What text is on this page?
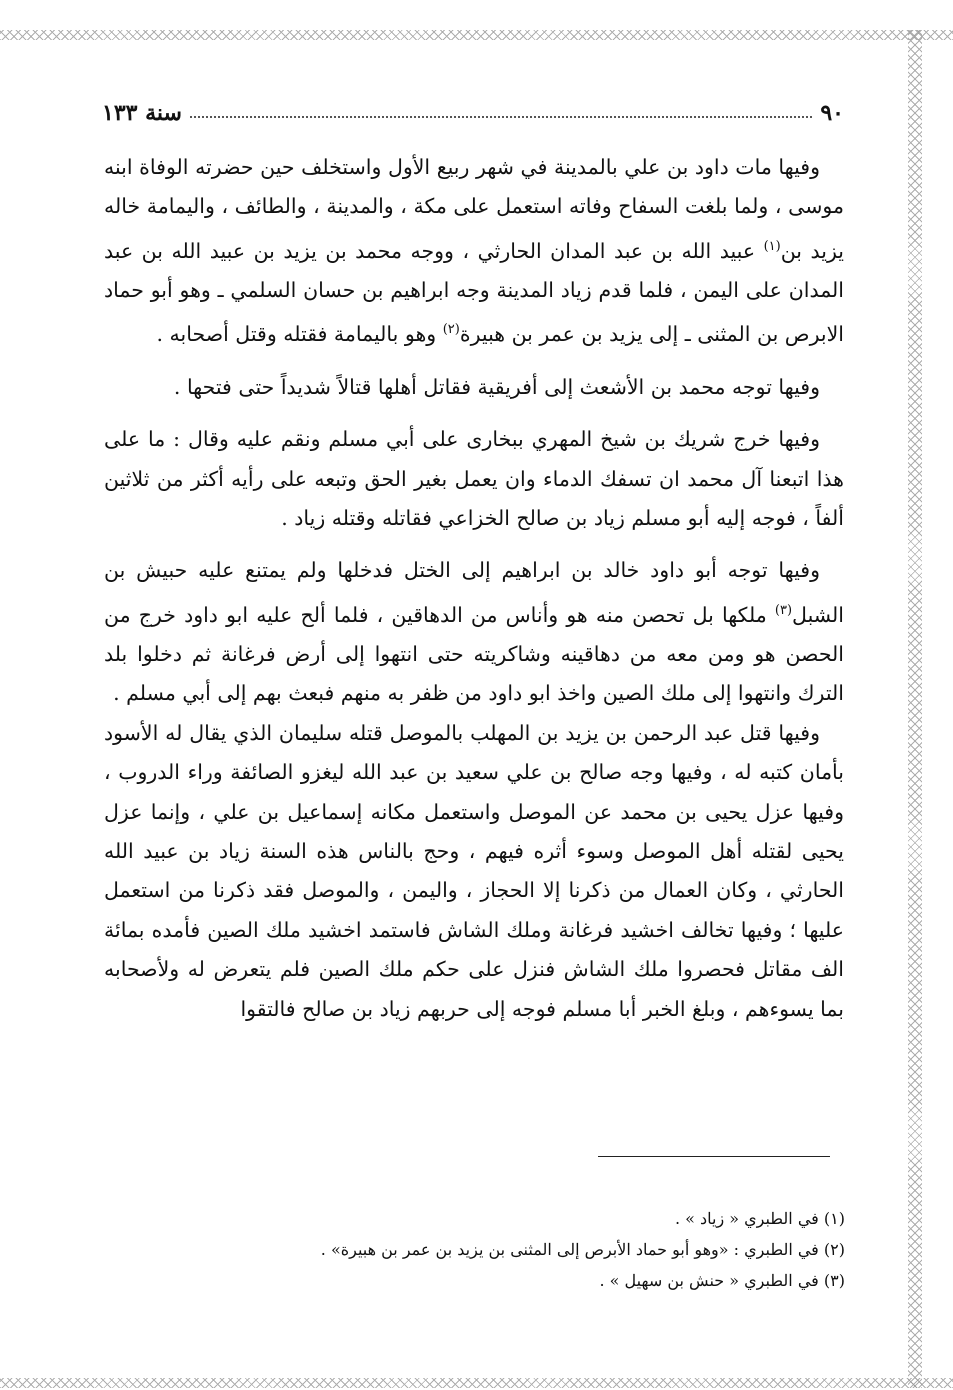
٩٠
سنة ١٣٣

وفيها مات داود بن علي بالمدينة في شهر ربيع الأول واستخلف حين حضرته الوفاة ابنه موسى ، ولما بلغت السفاح وفاته استعمل على مكة ، والمدينة ، والطائف ، واليمامة خاله يزيد بن$^{(١)}$ عبيد الله بن عبد المدان الحارثي ، ووجه محمد بن يزيد بن عبيد الله بن عبد المدان على اليمن ، فلما قدم زياد المدينة وجه ابراهيم بن حسان السلمي ـ وهو أبو حماد الابرص بن المثنى ـ إلى يزيد بن عمر بن هبيرة$^{(٢)}$ وهو باليمامة فقتله وقتل أصحابه .

وفيها توجه محمد بن الأشعث إلى أفريقية فقاتل أهلها قتالاً شديداً حتى فتحها .

وفيها خرج شريك بن شيخ المهري ببخارى على أبي مسلم ونقم عليه وقال : ما على هذا اتبعنا آل محمد ان تسفك الدماء وان يعمل بغير الحق وتبعه على رأيه أكثر من ثلاثين ألفاً ، فوجه إليه أبو مسلم زياد بن صالح الخزاعي فقاتله وقتله زياد .

وفيها توجه أبو داود خالد بن ابراهيم إلى الختل فدخلها ولم يمتنع عليه حبيش بن الشبل$^{(٣)}$ ملكها بل تحصن منه هو وأناس من الدهاقين ، فلما ألح عليه ابو داود خرج من الحصن هو ومن معه من دهاقينه وشاكريته حتى انتهوا إلى أرض فرغانة ثم دخلوا بلد الترك وانتهوا إلى ملك الصين واخذ ابو داود من ظفر به منهم فبعث بهم إلى أبي مسلم .

وفيها قتل عبد الرحمن بن يزيد بن المهلب بالموصل قتله سليمان الذي يقال له الأسود بأمان كتبه له ، وفيها وجه صالح بن علي سعيد بن عبد الله ليغزو الصائفة وراء الدروب ، وفيها عزل يحيى بن محمد عن الموصل واستعمل مكانه إسماعيل بن علي ، وإنما عزل يحيى لقتله أهل الموصل وسوء أثره فيهم ، وحج بالناس هذه السنة زياد بن عبيد الله الحارثي ، وكان العمال من ذكرنا إلا الحجاز ، واليمن ، والموصل فقد ذكرنا من استعمل عليها ؛ وفيها تخالف اخشيد فرغانة وملك الشاش فاستمد اخشيد ملك الصين فأمده بمائة الف مقاتل فحصروا ملك الشاش فنزل على حكم ملك الصين فلم يتعرض له ولأصحابه بما يسوءهم ، وبلغ الخبر أبا مسلم فوجه إلى حربهم زياد بن صالح فالتقوا

(١) في الطبري « زياد » .
(٢) في الطبري : «وهو أبو حماد الأبرص إلى المثنى بن يزيد بن عمر بن هبيرة» .
(٣) في الطبري « حنش بن سهيل » .
